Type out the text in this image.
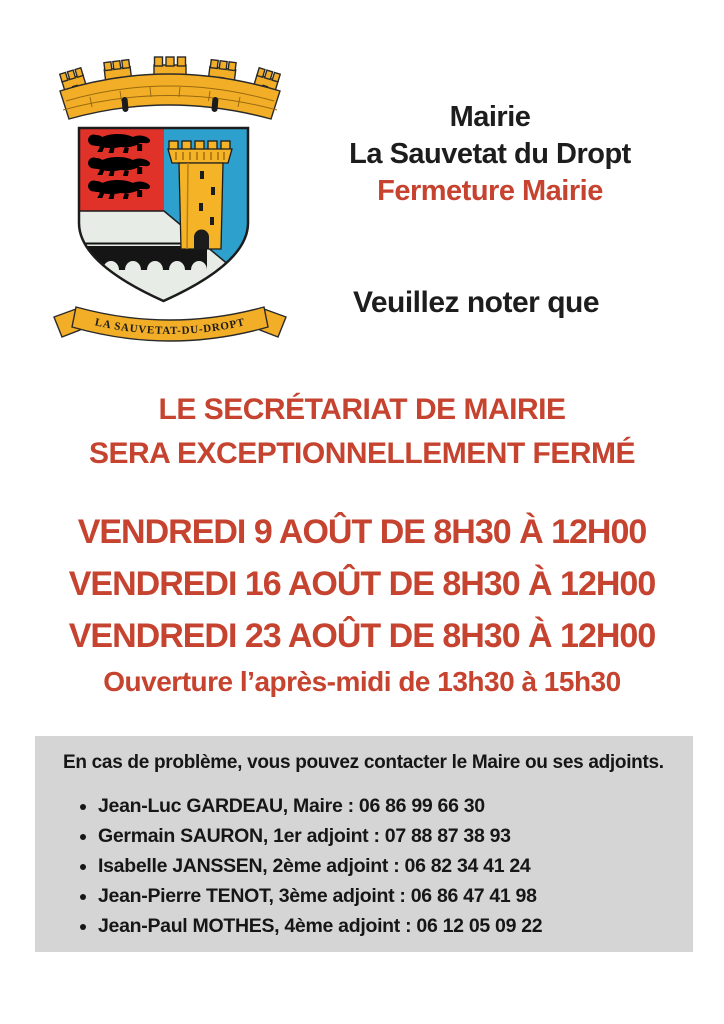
LA SAUVETAT-DU-DROPT
Mairie
La Sauvetat du Dropt
Fermeture Mairie
Veuillez noter que
LE SECRÉTARIAT DE MAIRIE
SERA EXCEPTIONNELLEMENT FERMÉ
VENDREDI 9 AOÛT DE 8H30 À 12H00
VENDREDI 16 AOÛT DE 8H30 À 12H00
VENDREDI 23 AOÛT DE 8H30 À 12H00
Ouverture l’après-midi de 13h30 à 15h30
En cas de problème, vous pouvez contacter le Maire ou ses adjoints.
• Jean-Luc GARDEAU, Maire : 06 86 99 66 30
• Germain SAURON, 1er adjoint : 07 88 87 38 93
• Isabelle JANSSEN, 2ème adjoint : 06 82 34 41 24
• Jean-Pierre TENOT, 3ème adjoint : 06 86 47 41 98
• Jean-Paul MOTHES, 4ème adjoint : 06 12 05 09 22
